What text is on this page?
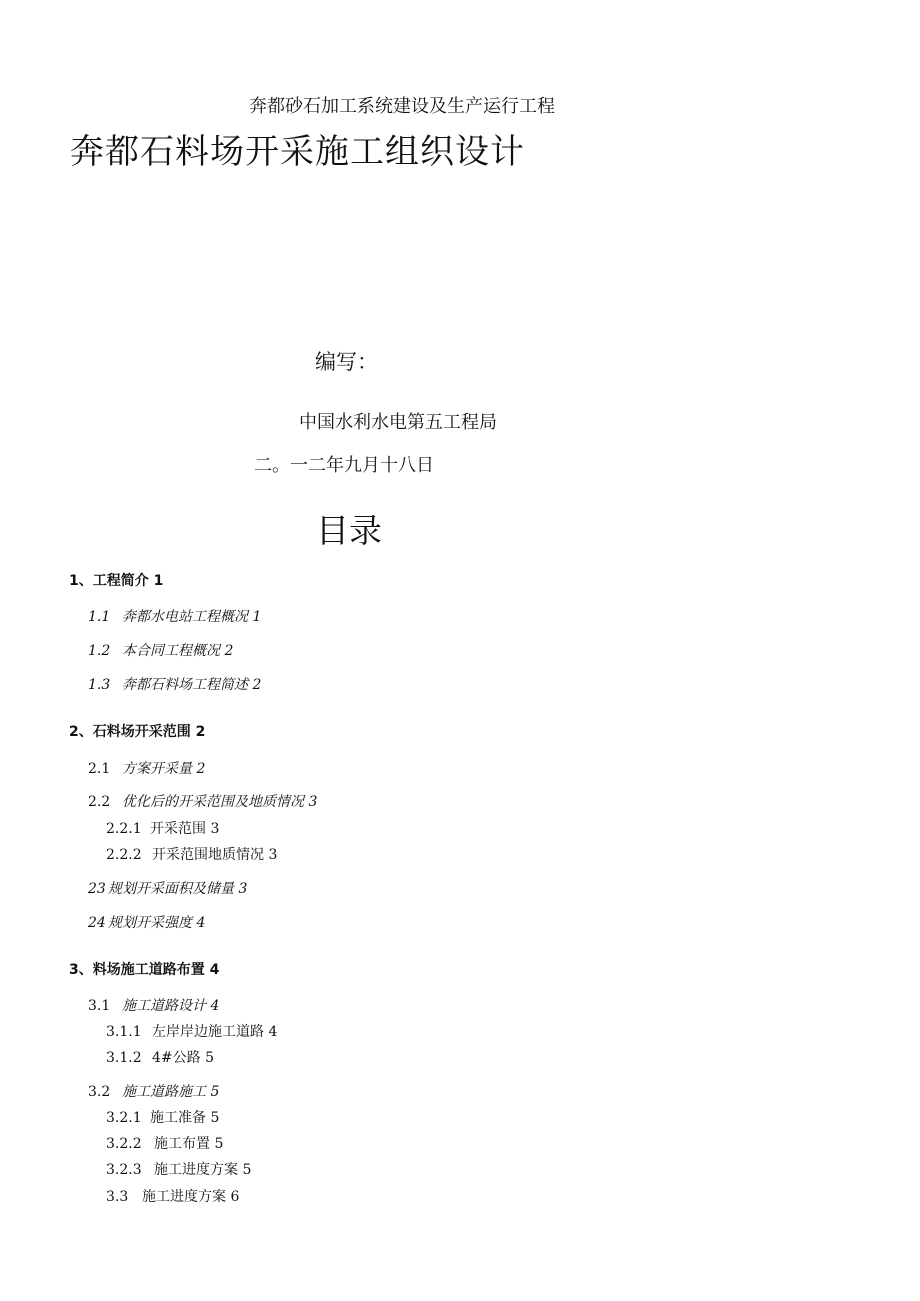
奔都砂石加工系统建设及生产运行工程
奔都石料场开采施工组织设计
编写：
中国水利水电第五工程局
二。一二年九月十八日
目录
1、工程简介 1
1.1 奔都水电站工程概况 1
1.2 本合同工程概况 2
1.3 奔都石料场工程简述 2
2、石料场开采范围 2
2.1 方案开采量 2
2.2 优化后的开采范围及地质情况 3
2.2.1 开采范围 3
2.2.2 开采范围地质情况 3
23 规划开采面积及储量 3
24 规划开采强度 4
3、料场施工道路布置 4
3.1 施工道路设计 4
3.1.1 左岸岸边施工道路 4
3.1.2 4#公路 5
3.2 施工道路施工 5
3.2.1 施工准备 5
3.2.2 施工布置 5
3.2.3 施工进度方案 5
3.3 施工进度方案 6
